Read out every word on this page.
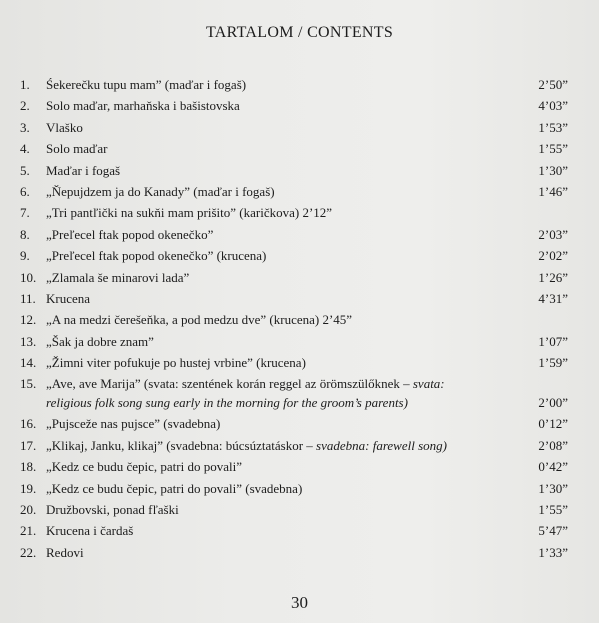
TARTALOM / CONTENTS
1.	Śekerečku tupu mam” (maďar i fogaš)	2’50”
2.	Solo maďar, marhaňska i bašistovska	4’03”
3.	Vlaško	1’53”
4.	Solo maďar	1’55”
5.	Maďar i fogaš	1’30”
6.	„Ňepujdzem ja do Kanady” (maďar i fogaš)	1’46”
7.	„Tri pantľički na sukňi mam prišito” (karičkova) 2’12”
8.	„Preľecel ftak popod okenečko”	2’03”
9.	„Preľecel ftak popod okenečko” (krucena)	2’02”
10. „Zlamala še minarovi lada”	1’26”
11. Krucena	4’31”
12. „A na medzi čerešeňka, a pod medzu dve” (krucena) 2’45”
13. „Šak ja dobre znam”	1’07”
14. „Žimni viter pofukuje po hustej vrbine” (krucena)	1’59”
15. „Ave, ave Marija” (svata: szentének korán reggel az örömszülőknek – svata:
religious folk song sung early in the morning for the groom’s parents)	2’00”
16. „Pujsceže nas pujsce” (svadebna)	0’12”
17. „Klikaj, Janku, klikaj” (svadebna: búcsúztatáskor – svadebna: farewell song)	2’08”
18. „Kedz ce budu čepic, patri do povali”	0’42”
19. „Kedz ce budu čepic, patri do povali” (svadebna)	1’30”
20. Družbovski, ponad fľaški	1’55”
21. Krucena i čardaš	5’47”
22. Redovi	1’33”
30
